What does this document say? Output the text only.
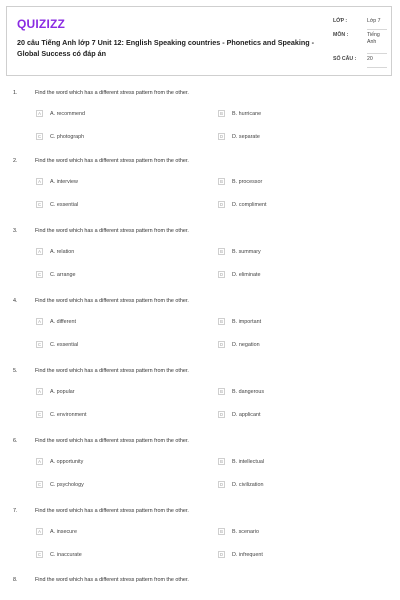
QUIZIZZ
20 câu Tiếng Anh lớp 7 Unit 12: English Speaking countries - Phonetics and Speaking - Global Success có đáp án
LỚP :	Lớp 7
MÔN :	Tiếng Anh
SỐ CÂU : 20
1.	Find the word which has a different stress pattern from the other.
A	A. recommend	B	B. hurricane
C	C. photograph	D	D. separate
2.	Find the word which has a different stress pattern from the other.
A	A. interview	B	B. processor
C	C. essential	D	D. compliment
3.	Find the word which has a different stress pattern from the other.
A	A. relation	B	B. summary
C	C. arrange	D	D. eliminate
4.	Find the word which has a different stress pattern from the other.
A	A. different	B	B. important
C	C. essential	D	D. negation
5.	Find the word which has a different stress pattern from the other.
A	A. popular	B	B. dangerous
C	C. environment	D	D. applicant
6.	Find the word which has a different stress pattern from the other.
A	A. opportunity	B	B. intellectual
C	C. psychology	D	D. civilization
7.	Find the word which has a different stress pattern from the other.
A	A. insecure	B	B. scenario
C	C. inaccurate	D	D. infrequent
8.	Find the word which has a different stress pattern from the other.
